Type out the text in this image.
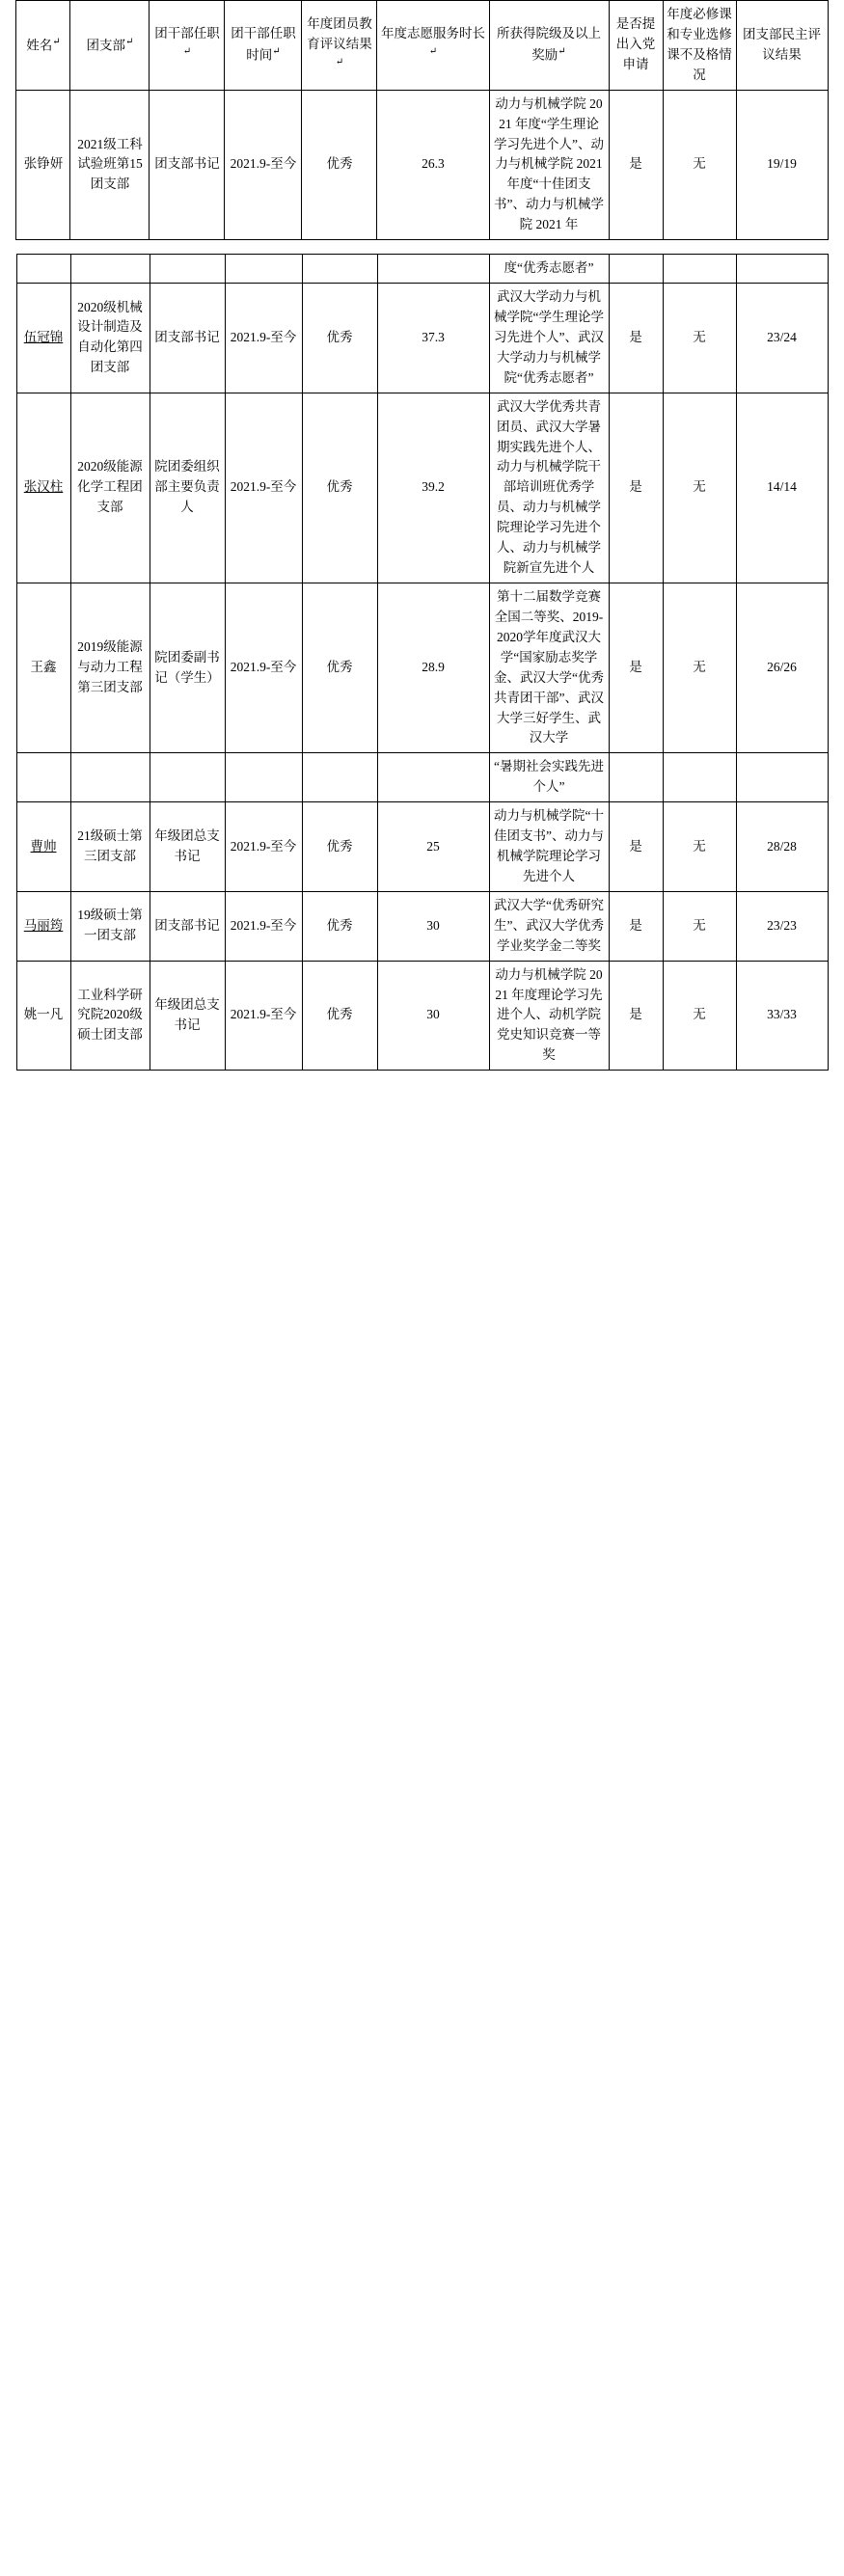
姓名↵	团支部↵	团干部任职↵	团干部任职时间↵	年度团员教育评议结果↵	年度志愿服务时长↵	所获得院级及以上奖励↵	是否提出入党申请	年度必修课和专业选修课不及格情况	团支部民主评议结果
张铮妍	2021级工科试验班第15团支部	团支部书记	2021.9-至今	优秀	26.3	动力与机械学院 2021 年度“学生理论学习先进个人”、动力与机械学院 2021 年度“十佳团支书”、动力与机械学院 2021 年	是	无	19/19
						度“优秀志愿者”			
伍冠锦	2020级机械设计制造及自动化第四团支部	团支部书记	2021.9-至今	优秀	37.3	武汉大学动力与机械学院“学生理论学习先进个人”、武汉大学动力与机械学院“优秀志愿者”	是	无	23/24
张汉柱	2020级能源化学工程团支部	院团委组织部主要负责人	2021.9-至今	优秀	39.2	武汉大学优秀共青团员、武汉大学暑期实践先进个人、动力与机械学院干部培训班优秀学员、动力与机械学院理论学习先进个人、动力与机械学院新宣先进个人	是	无	14/14
王鑫	2019级能源与动力工程第三团支部	院团委副书记（学生）	2021.9-至今	优秀	28.9	第十二届数学竞赛全国二等奖、2019-2020学年度武汉大学“国家励志奖学金、武汉大学“优秀共青团干部”、武汉大学三好学生、武汉大学	是	无	26/26
						“暑期社会实践先进个人”			
曹帅	21级硕士第三团支部	年级团总支书记	2021.9-至今	优秀	25	动力与机械学院“十佳团支书”、动力与机械学院理论学习先进个人	是	无	28/28
马丽筠	19级硕士第一团支部	团支部书记	2021.9-至今	优秀	30	武汉大学“优秀研究生”、武汉大学优秀学业奖学金二等奖	是	无	23/23
姚一凡	工业科学研究院2020级硕士团支部	年级团总支书记	2021.9-至今	优秀	30	动力与机械学院 2021 年度理论学习先进个人、动机学院党史知识竞赛一等奖	是	无	33/33
